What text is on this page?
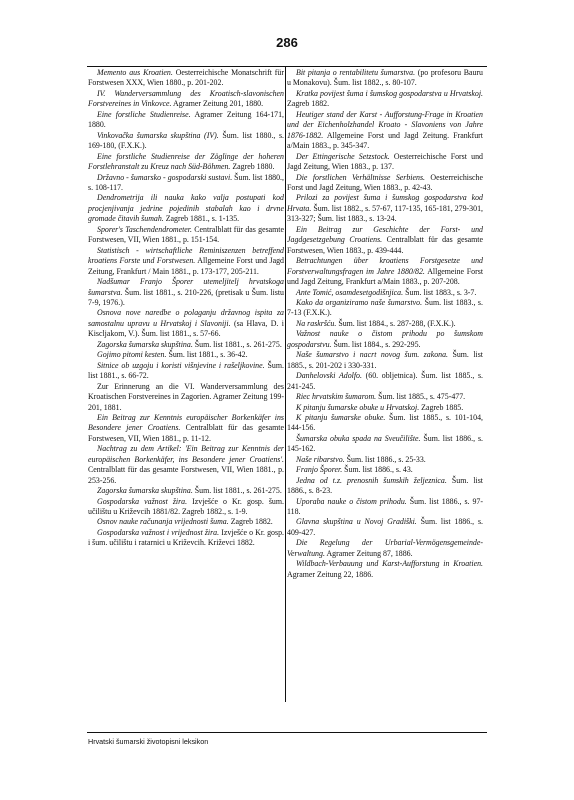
286

Memento aus Kroatien. Oesterreichische Monatschrift für Forstwesen XXX, Wien 1880., p. 201-202.

IV. Wanderversammlung des Kroatisch-slavonischen Forstvereines in Vinkovce. Agramer Zeitung 201, 1880.

Eine forstliche Studienreise. Agramer Zeitung 164-171, 1880.

Vinkovačka šumarska skupština (IV). Šum. list 1880., s. 169-180, (F.X.K.).

Eine forstliche Studienreise der Zöglinge der hoheren Forstlehranstalt zu Kreuz nach Süd-Böhmen. Zagreb 1880.

Državno - šumarsko - gospodarski sustavi. Šum. list 1880., s. 108-117.

Dendrometrija ili nauka kako valja postupati kod procjenjivanja jedrine pojedinih stabalah kao i drvne gromade čitavih šumah. Zagreb 1881., s. 1-135.

Sporer's Taschendendrometer. Centralblatt für das gesamte Forstwesen, VII, Wien 1881., p. 151-154.

Statistisch - wirtschaftliche Reminiszenzen betreffend kroatiens Forste und Forstwesen. Allgemeine Forst und Jagd Zeitung, Frankfurt / Main 1881., p. 173-177, 205-211.

Nadšumar Franjo Šporer utemeljitelj hrvatskoga šumarstva. Šum. list 1881., s. 210-226, (pretisak u Šum. listu 7-9, 1976.).

Osnova nove naredbe o polaganju državnog ispita za samostalnu upravu u Hrvatskoj i Slavoniji. (sa Hlava, D. i Kiscljakom, V.). Šum. list 1881., s. 57-66.

Zagorska šumarska skupština. Šum. list 1881., s. 261-275.

Gojimo pitomi kesten. Šum. list 1881., s. 36-42.

Sitnice ob uzgoju i koristi višnjevine i rašeljkovine. Šum. list 1881., s. 66-72.

Zur Erinnerung an die VI. Wanderversammlung des Kroatischen Forstvereines in Zagorien. Agramer Zeitung 199-201, 1881.

Ein Beitrag zur Kenntnis europäischer Borkenkäfer ins Besondere jener Croatiens. Centralblatt für das gesamte Forstwesen, VII, Wien 1881., p. 11-12.

Nachtrag zu dem Artikel: 'Ein Beitrag zur Kenntnis der europäischen Borkenkäfer, ins Besondere jener Croatiens'. Centralblatt für das gesamte Forstwesen, VII, Wien 1881., p. 253-256.

Zagorska šumarska skupština. Šum. list 1881., s. 261-275.

Gospodarska važnost žira. Izvješće o Kr. gosp. šum. učilištu u Križevcih 1881/82. Zagreb 1882., s. 1-9.

Osnov nauke računanja vrijednosti šuma. Zagreb 1882.

Gospodarska važnost i vrijednost žira. Izvješće o Kr. gosp. i šum. učilištu i ratarnici u Križevcih. Križevci 1882.

Bit pitanja o rentabilitetu šumarstva. (po profesoru Bauru u Monakovu). Šum. list 1882., s. 80-107.

Kratka povijest šuma i šumskog gospodarstva u Hrvatskoj. Zagreb 1882.

Heutiger stand der Karst - Aufforstung-Frage in Kroatien und der Eichenholzhandel Kroato - Slavoniens von Jahre 1876-1882. Allgemeine Forst und Jagd Zeitung. Frankfurt a/Main 1883., p. 345-347.

Der Ettingerische Setzstock. Oesterreichische Forst und Jagd Zeitung, Wien 1883., p. 137.

Die forstlichen Verhältnisse Serbiens. Oesterreichische Forst und Jagd Zeitung, Wien 1883., p. 42-43.

Prilozi za povijest šuma i šumskog gospodarstva kod Hrvata. Šum. list 1882., s. 57-67, 117-135, 165-181, 279-301, 313-327; Šum. list 1883., s. 13-24.

Ein Beitrag zur Geschichte der Forst- und Jagdgesetzgebung Croatiens. Centralblatt für das gesamte Forstwesen, Wien 1883., p. 439-444.

Betrachtungen über kroatiens Forstgesetze und Forstverwaltungsfragen im Jahre 1880/82. Allgemeine Forst und Jagd Zeitung, Frankfurt a/Main 1883., p. 207-208.

Ante Tomić, osamdesetgodišnjica. Šum. list 1883., s. 3-7.

Kako da organiziramo naše šumarstvo. Šum. list 1883., s. 7-13 (F.X.K.).

Na raskršću. Šum. list 1884., s. 287-288, (F.X.K.).

Važnost nauke o čistom prihodu po šumskom gospodarstvu. Šum. list 1884., s. 292-295.

Naše šumarstvo i nacrt novog šum. zakona. Šum. list 1885., s. 201-202 i 330-331.

Danhelovski Adolfo. (60. obljetnica). Šum. list 1885., s. 241-245.

Riec hrvatskim šumarom. Šum. list 1885., s. 475-477.

K pitanju šumarske obuke u Hrvatskoj. Zagreb 1885.

K pitanju šumarske obuke. Šum. list 1885., s. 101-104, 144-156.

Šumarska obuka spada na Sveučilište. Šum. list 1886., s. 145-162.

Naše ribarstvo. Šum. list 1886., s. 25-33.

Franjo Šporer. Šum. list 1886., s. 43.

Jedna od t.z. prenosnih šumskih željeznica. Šum. list 1886., s. 8-23.

Uporaba nauke o čistom prihodu. Šum. list 1886., s. 97-118.

Glavna skupština u Novoj Gradiški. Šum. list 1886., s. 409-427.

Die Regelung der Urbarial-Vermögensgemeinde-Verwaltung. Agramer Zeitung 87, 1886.

Wildbach-Verbauung und Karst-Aufforstung in Kroatien. Agramer Zeitung 22, 1886.

Hrvatski šumarski životopisni leksikon
